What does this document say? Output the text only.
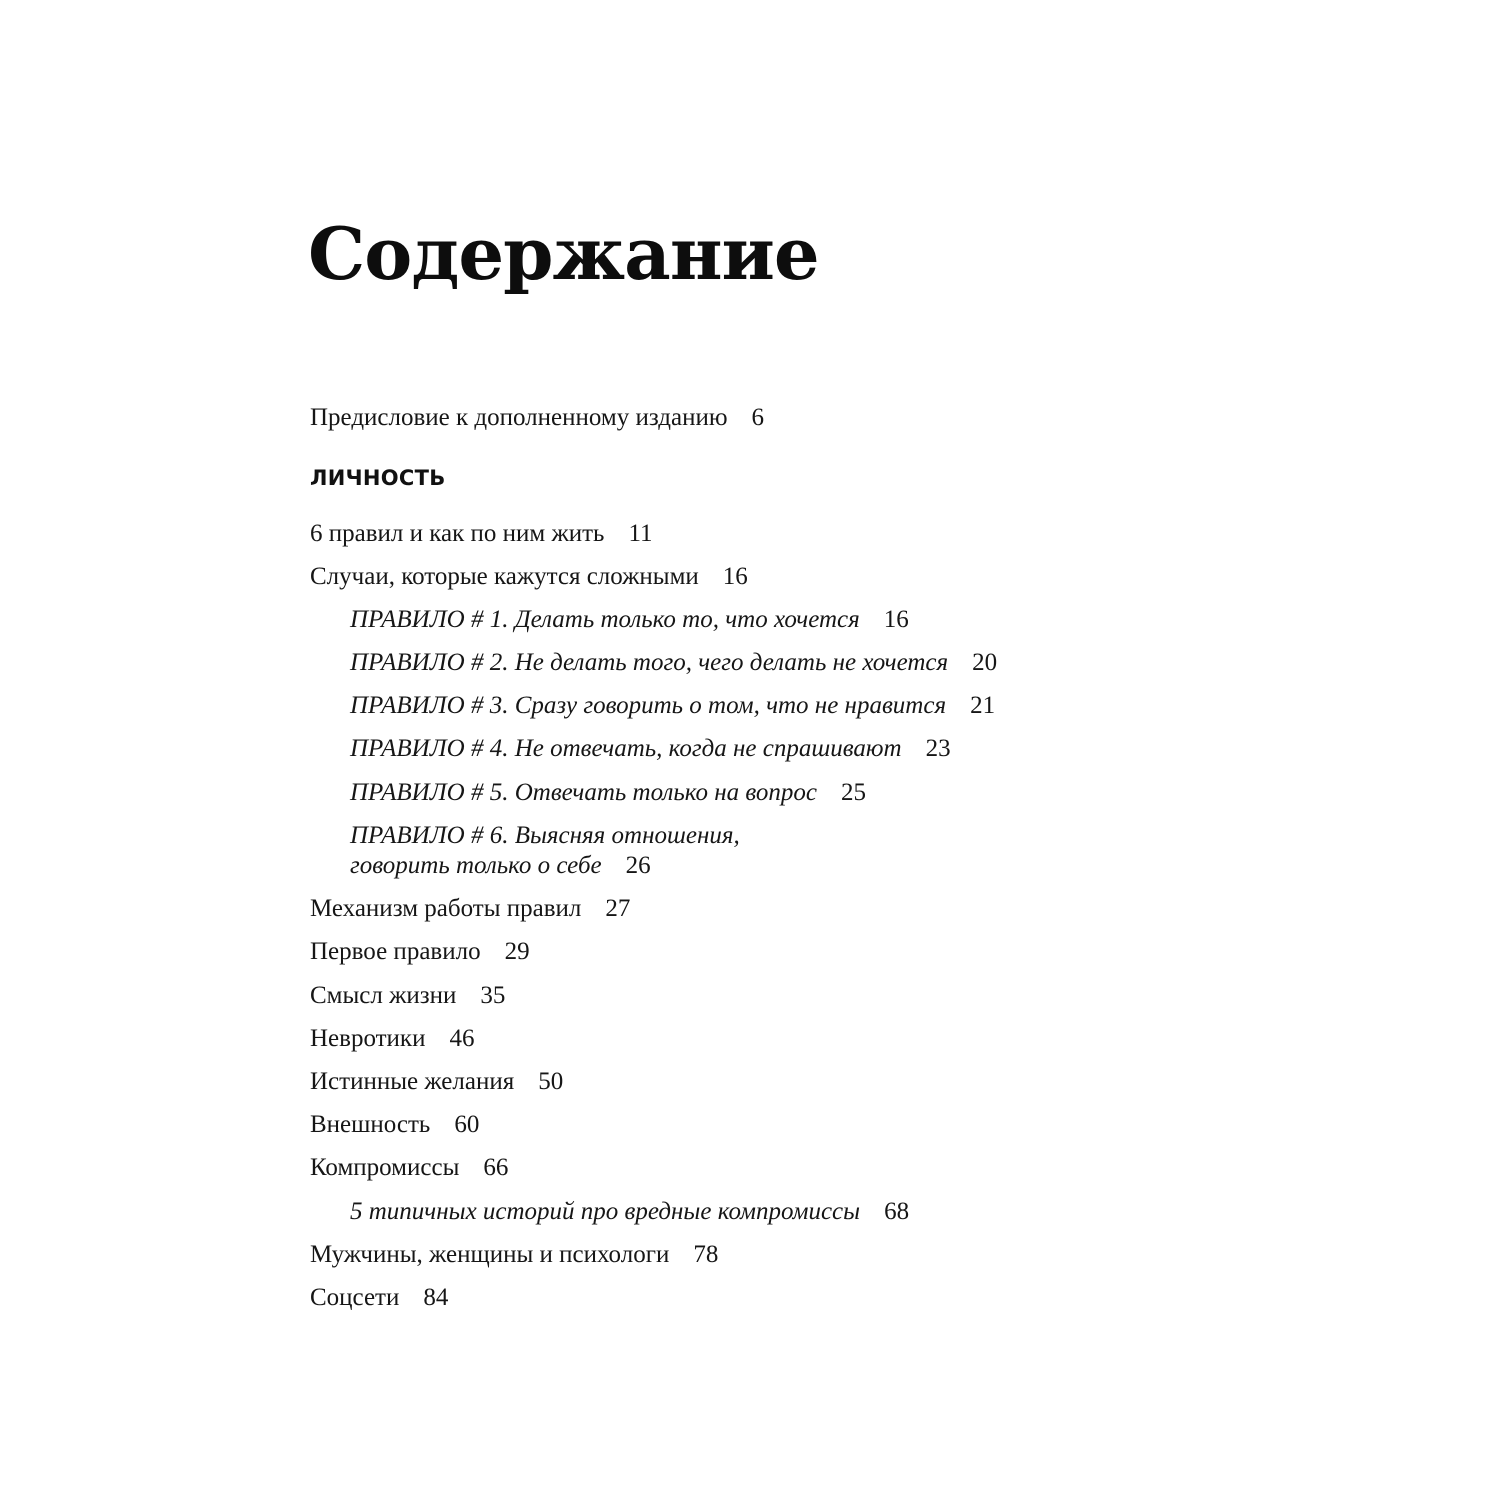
Содержание
Предисловие к дополненному изданию 6
ЛИЧНОСТЬ
6 правил и как по ним жить 11
Случаи, которые кажутся сложными 16
ПРАВИЛО # 1. Делать только то, что хочется 16
ПРАВИЛО # 2. Не делать того, чего делать не хочется 20
ПРАВИЛО # 3. Сразу говорить о том, что не нравится 21
ПРАВИЛО # 4. Не отвечать, когда не спрашивают 23
ПРАВИЛО # 5. Отвечать только на вопрос 25
ПРАВИЛО # 6. Выясняя отношения,
говорить только о себе 26
Механизм работы правил 27
Первое правило 29
Смысл жизни 35
Невротики 46
Истинные желания 50
Внешность 60
Компромиссы 66
5 типичных историй про вредные компромиссы 68
Мужчины, женщины и психологи 78
Соцсети 84
